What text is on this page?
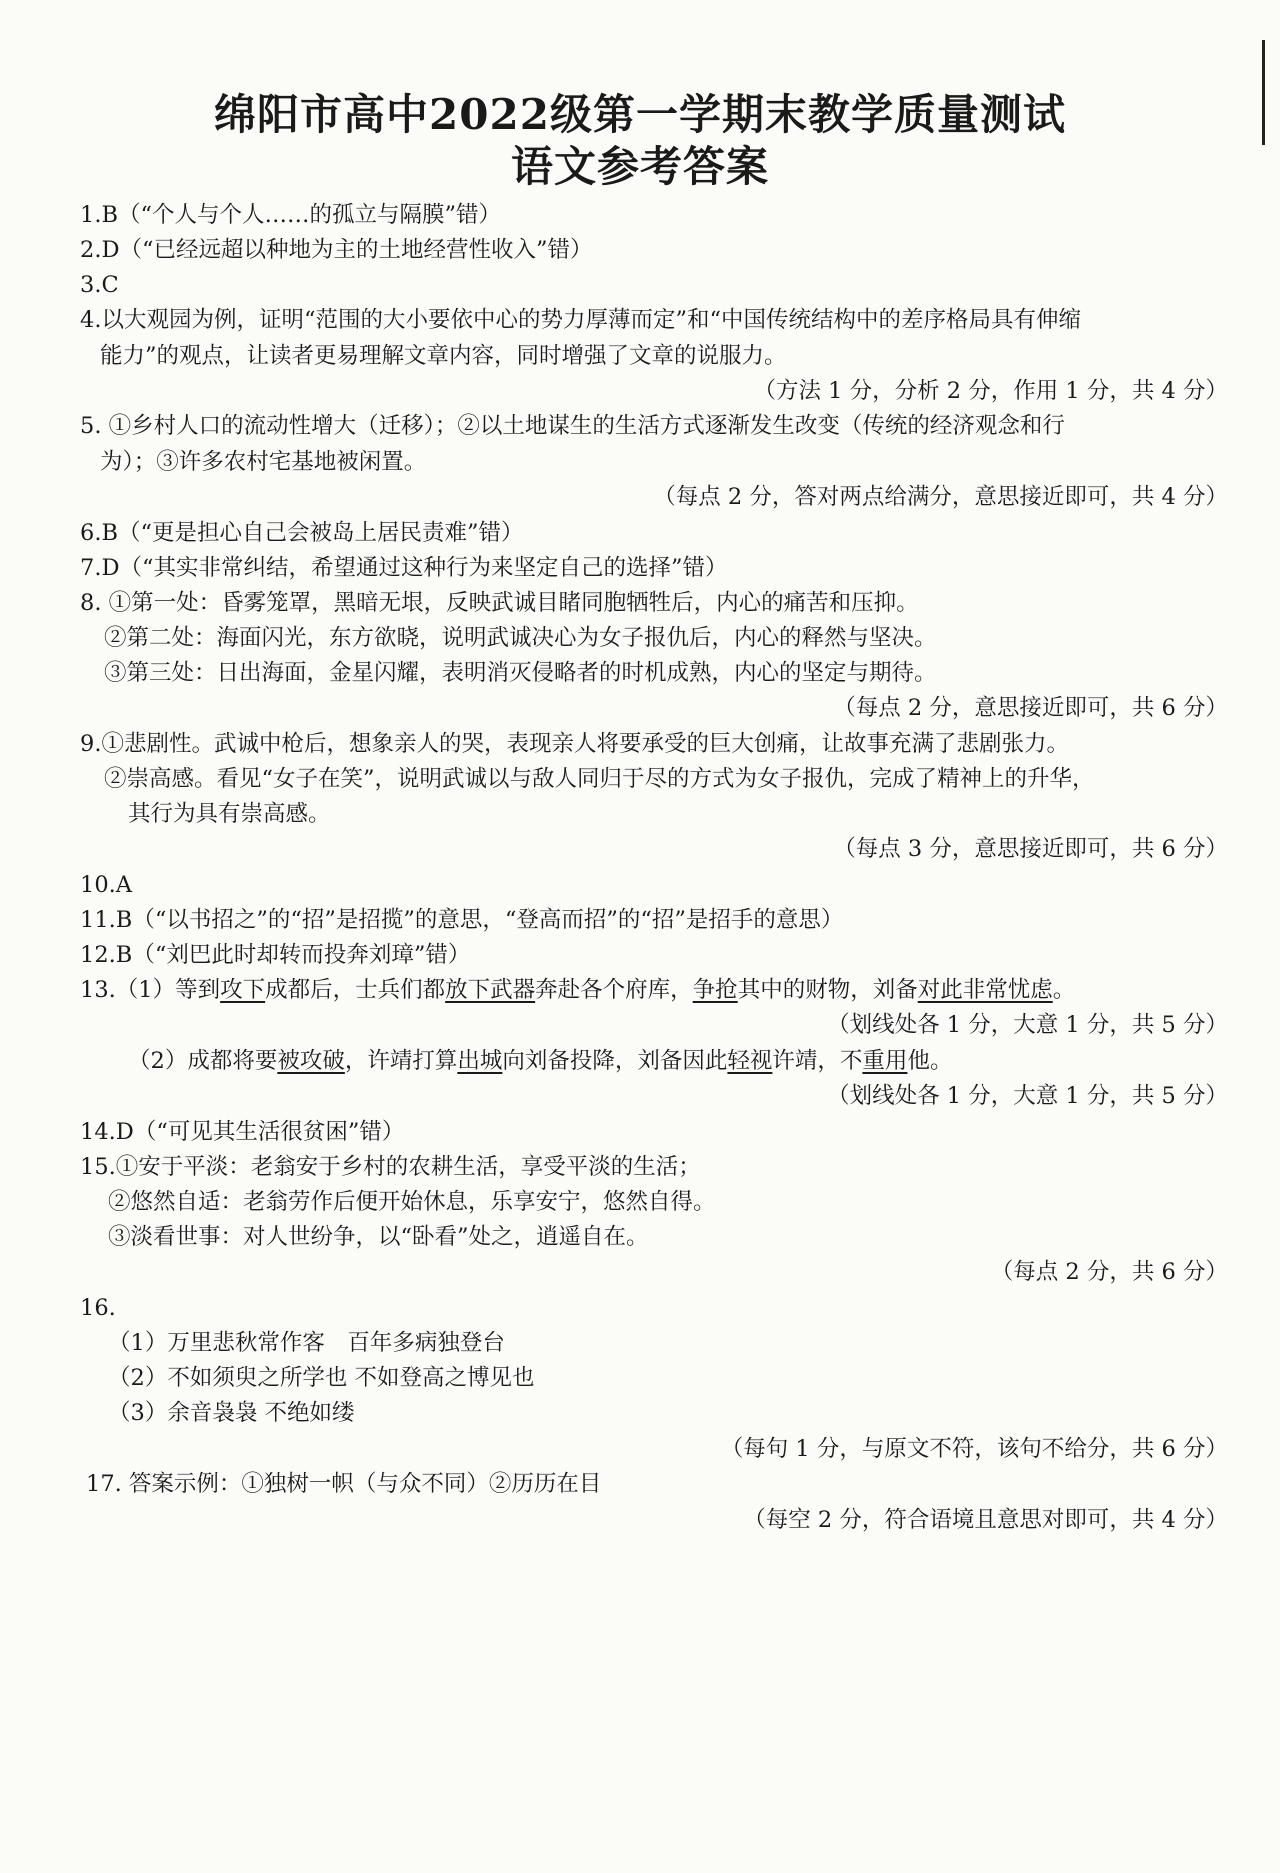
绵阳市高中2022级第一学期末教学质量测试
语文参考答案
1.B（“个人与个人……的孤立与隔膜”错）
2.D（“已经远超以种地为主的土地经营性收入”错）
3.C
4.以大观园为例，证明“范围的大小要依中心的势力厚薄而定”和“中国传统结构中的差序格局具有伸缩
能力”的观点，让读者更易理解文章内容，同时增强了文章的说服力。
（方法 1 分，分析 2 分，作用 1 分，共 4 分）
5. ①乡村人口的流动性增大（迁移）；②以土地谋生的生活方式逐渐发生改变（传统的经济观念和行
为）；③许多农村宅基地被闲置。
（每点 2 分，答对两点给满分，意思接近即可，共 4 分）
6.B（“更是担心自己会被岛上居民责难”错）
7.D（“其实非常纠结，希望通过这种行为来坚定自己的选择”错）
8. ①第一处：昏雾笼罩，黑暗无垠，反映武诚目睹同胞牺牲后，内心的痛苦和压抑。
②第二处：海面闪光，东方欲晓，说明武诚决心为女子报仇后，内心的释然与坚决。
③第三处：日出海面，金星闪耀，表明消灭侵略者的时机成熟，内心的坚定与期待。
（每点 2 分，意思接近即可，共 6 分）
9.①悲剧性。武诚中枪后，想象亲人的哭，表现亲人将要承受的巨大创痛，让故事充满了悲剧张力。
②崇高感。看见“女子在笑”，说明武诚以与敌人同归于尽的方式为女子报仇，完成了精神上的升华，
其行为具有崇高感。
（每点 3 分，意思接近即可，共 6 分）
10.A
11.B（“以书招之”的“招”是招揽”的意思，“登高而招”的“招”是招手的意思）
12.B（“刘巴此时却转而投奔刘璋”错）
13.（1）等到攻下成都后，士兵们都放下武器奔赴各个府库，争抢其中的财物，刘备对此非常忧虑。
（划线处各 1 分，大意 1 分，共 5 分）
（2）成都将要被攻破，许靖打算出城向刘备投降，刘备因此轻视许靖，不重用他。
（划线处各 1 分，大意 1 分，共 5 分）
14.D（“可见其生活很贫困”错）
15.①安于平淡：老翁安于乡村的农耕生活，享受平淡的生活；
②悠然自适：老翁劳作后便开始休息，乐享安宁，悠然自得。
③淡看世事：对人世纷争，以“卧看”处之，逍遥自在。
（每点 2 分，共 6 分）
16.
（1）万里悲秋常作客　百年多病独登台
（2）不如须臾之所学也 不如登高之博见也
（3）余音袅袅 不绝如缕
（每句 1 分，与原文不符，该句不给分，共 6 分）
17. 答案示例：①独树一帜（与众不同）②历历在目
（每空 2 分，符合语境且意思对即可，共 4 分）
